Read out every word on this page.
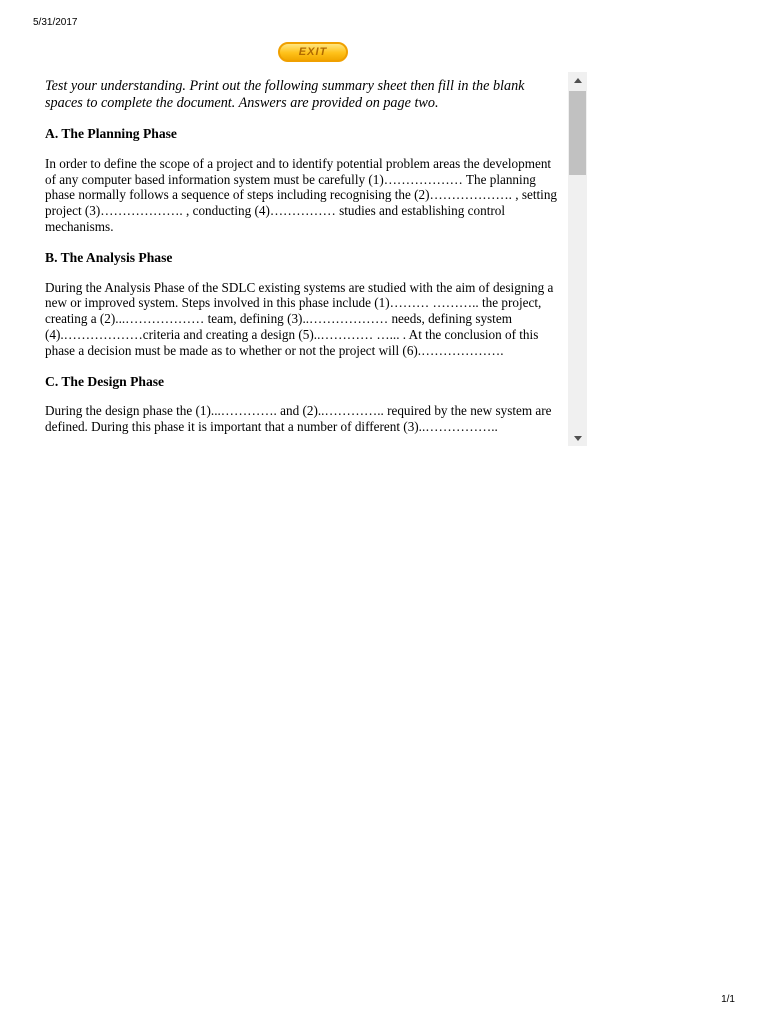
5/31/2017
EXIT

Test your understanding. Print out the following summary sheet then fill in the blank spaces to complete the document. Answers are provided on page two.

A. The Planning Phase

In order to define the scope of a project and to identify potential problem areas the development of any computer based information system must be carefully (1)……………… The planning phase normally follows a sequence of steps including recognising the (2)………………. , setting project (3)………………. , conducting (4)…………… studies and establishing control mechanisms.

B. The Analysis Phase

During the Analysis Phase of the SDLC existing systems are studied with the aim of designing a new or improved system. Steps involved in this phase include (1)……… ……….. the project, creating a (2)...……………… team, defining (3)..……………… needs, defining system (4).………………criteria and creating a design (5)..………… …... . At the conclusion of this phase a decision must be made as to whether or not the project will (6).……………….

C. The Design Phase

During the design phase the (1)...…………. and (2)..………….. required by the new system are defined. During this phase it is important that a number of different (3)..……………..

1/1
